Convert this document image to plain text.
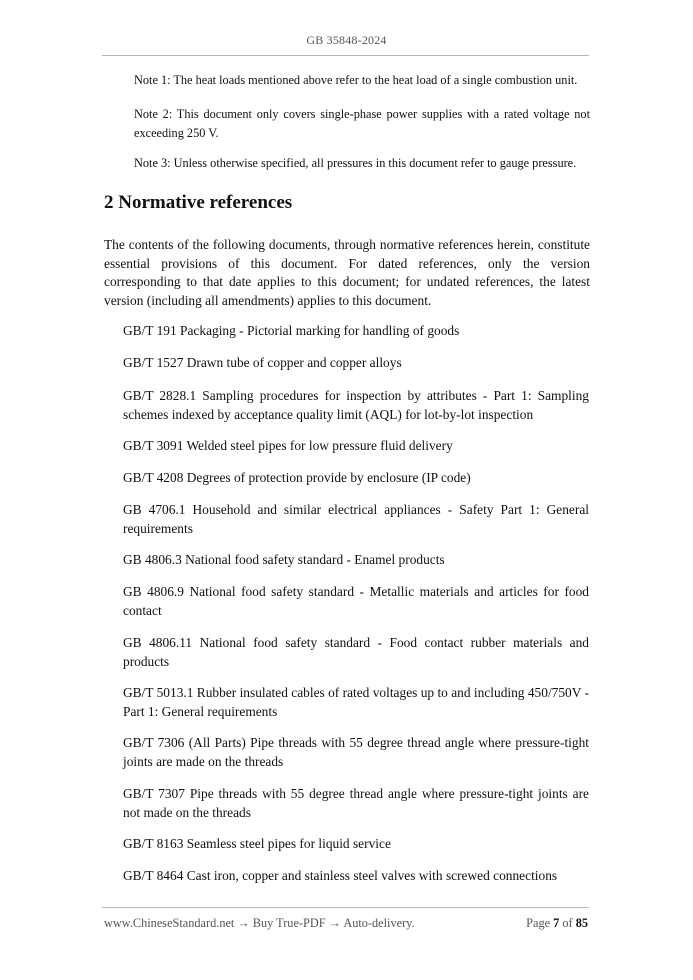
GB 35848-2024
Note 1: The heat loads mentioned above refer to the heat load of a single combustion unit.
Note 2: This document only covers single-phase power supplies with a rated voltage not exceeding 250 V.
Note 3: Unless otherwise specified, all pressures in this document refer to gauge pressure.
2 Normative references
The contents of the following documents, through normative references herein, constitute essential provisions of this document. For dated references, only the version corresponding to that date applies to this document; for undated references, the latest version (including all amendments) applies to this document.
GB/T 191 Packaging - Pictorial marking for handling of goods
GB/T 1527 Drawn tube of copper and copper alloys
GB/T 2828.1 Sampling procedures for inspection by attributes - Part 1: Sampling schemes indexed by acceptance quality limit (AQL) for lot-by-lot inspection
GB/T 3091 Welded steel pipes for low pressure fluid delivery
GB/T 4208 Degrees of protection provide by enclosure (IP code)
GB 4706.1 Household and similar electrical appliances - Safety Part 1: General requirements
GB 4806.3 National food safety standard - Enamel products
GB 4806.9 National food safety standard - Metallic materials and articles for food contact
GB 4806.11 National food safety standard - Food contact rubber materials and products
GB/T 5013.1 Rubber insulated cables of rated voltages up to and including 450/750V - Part 1: General requirements
GB/T 7306 (All Parts) Pipe threads with 55 degree thread angle where pressure-tight joints are made on the threads
GB/T 7307 Pipe threads with 55 degree thread angle where pressure-tight joints are not made on the threads
GB/T 8163 Seamless steel pipes for liquid service
GB/T 8464 Cast iron, copper and stainless steel valves with screwed connections
www.ChineseStandard.net → Buy True-PDF → Auto-delivery.	Page 7 of 85
